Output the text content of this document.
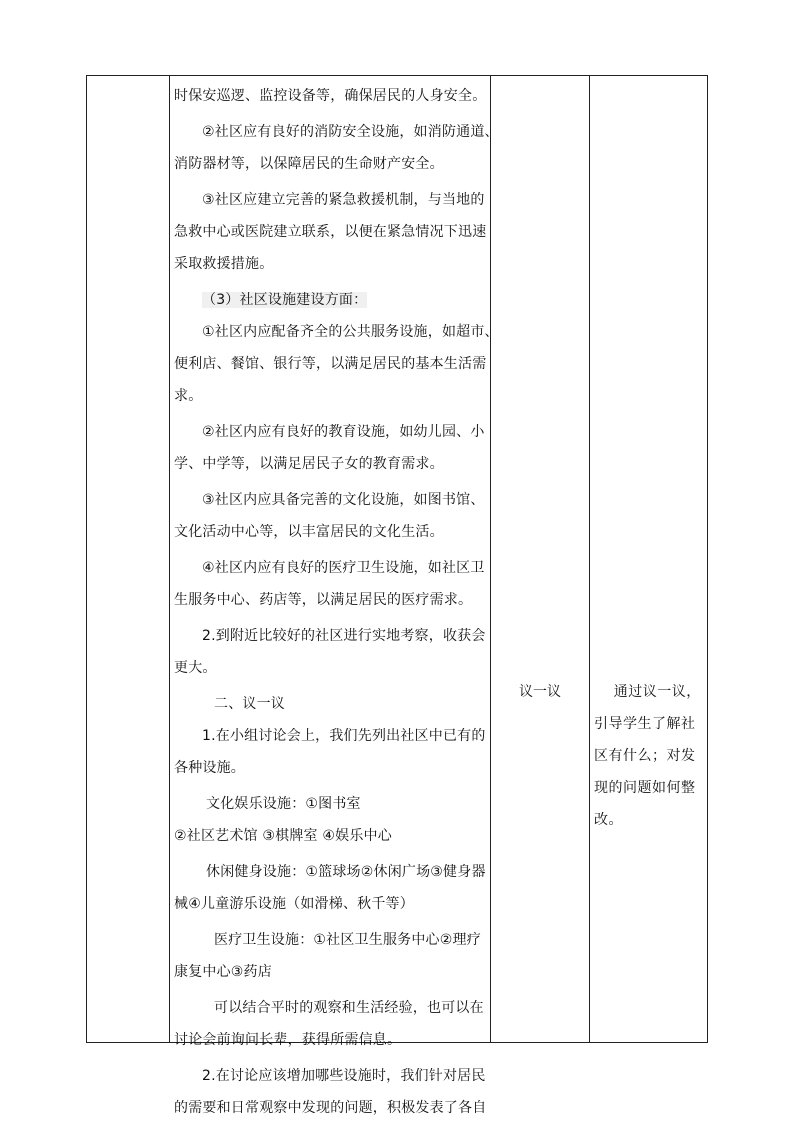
时保安巡逻、监控设备等，确保居民的人身安全。
②社区应有良好的消防安全设施，如消防通道、
消防器材等，以保障居民的生命财产安全。
③社区应建立完善的紧急救援机制，与当地的
急救中心或医院建立联系，以便在紧急情况下迅速
采取救援措施。
（3）社区设施建设方面：
①社区内应配备齐全的公共服务设施，如超市、
便利店、餐馆、银行等，以满足居民的基本生活需
求。
②社区内应有良好的教育设施，如幼儿园、小
学、中学等，以满足居民子女的教育需求。
③社区内应具备完善的文化设施，如图书馆、
文化活动中心等，以丰富居民的文化生活。
④社区内应有良好的医疗卫生设施，如社区卫
生服务中心、药店等，以满足居民的医疗需求。
2.到附近比较好的社区进行实地考察，收获会
更大。
二、议一议
1.在小组讨论会上，我们先列出社区中已有的
各种设施。
文化娱乐设施：①图书室
②社区艺术馆 ③棋牌室 ④娱乐中心
休闲健身设施：①篮球场②休闲广场③健身器
械④儿童游乐设施（如滑梯、秋千等）
医疗卫生设施：①社区卫生服务中心②理疗
康复中心③药店
可以结合平时的观察和生活经验，也可以在
讨论会前询问长辈，获得所需信息。
2.在讨论应该增加哪些设施时，我们针对居民
的需要和日常观察中发现的问题，积极发表了各自
议一议	通过议一议，
引导学生了解社
区有什么；对发
现的问题如何整
改。
